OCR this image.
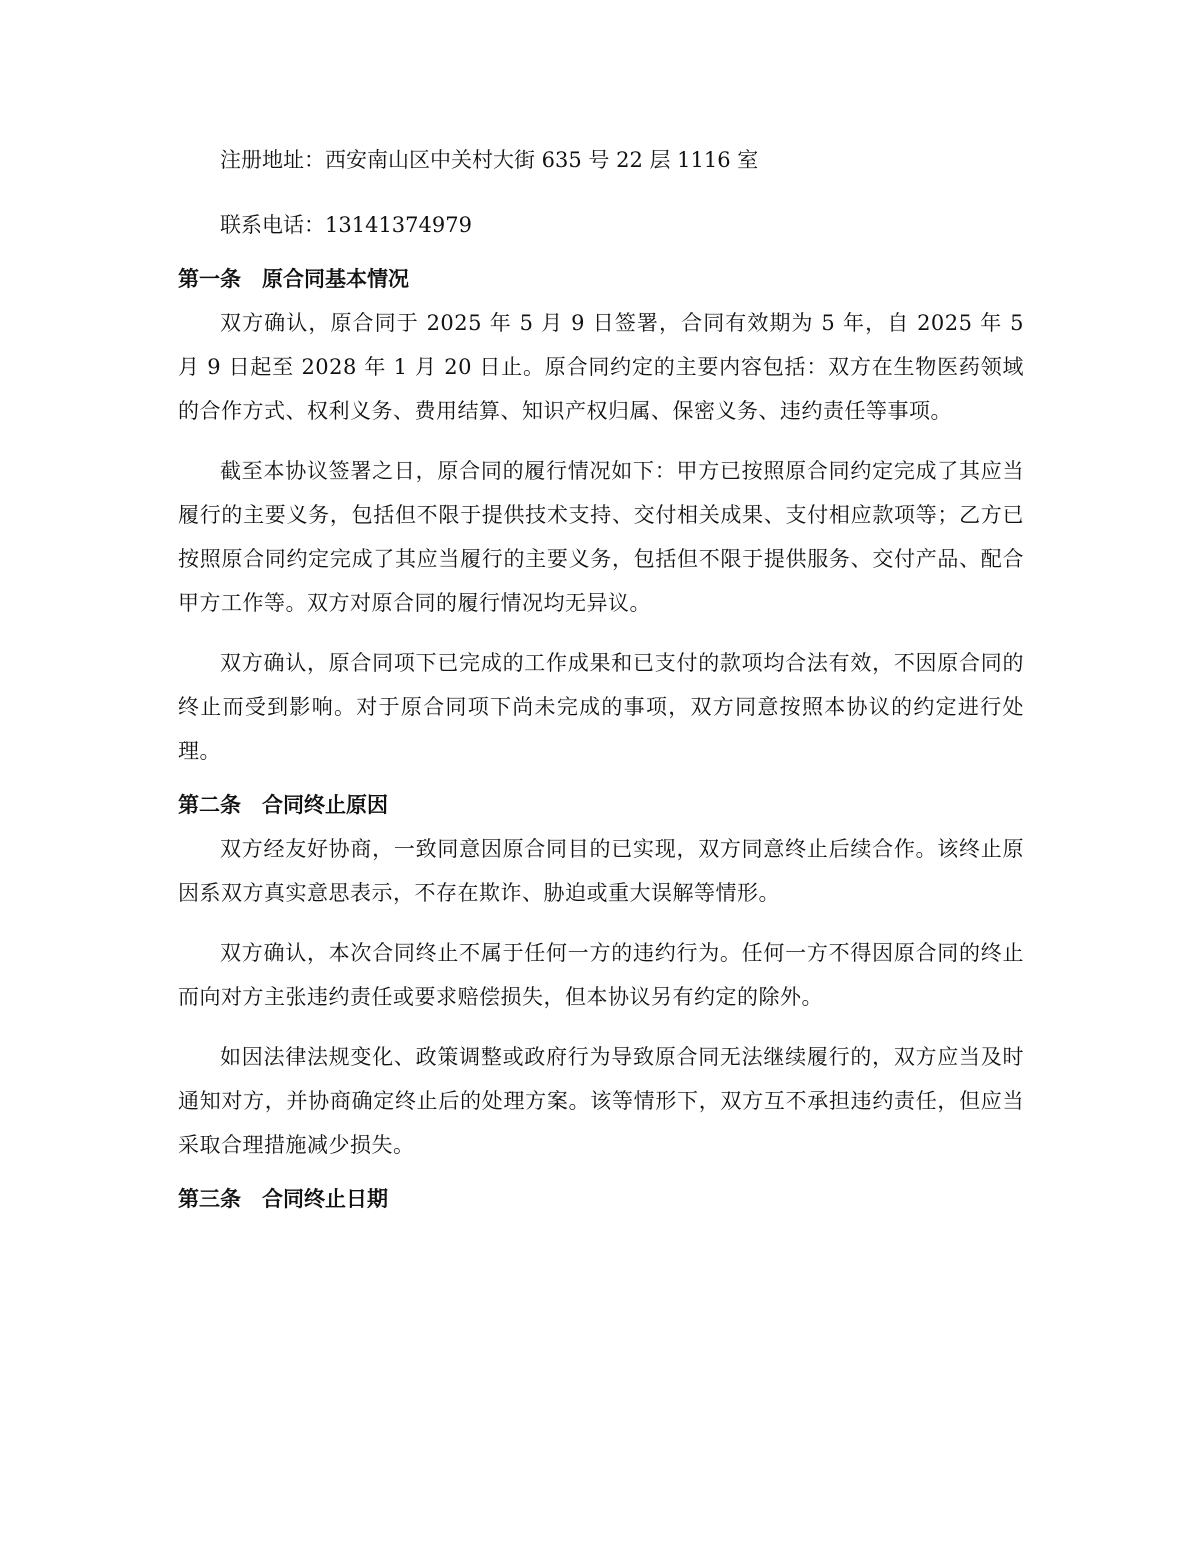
注册地址：西安南山区中关村大街 635 号 22 层 1116 室

联系电话：13141374979

第一条　原合同基本情况

双方确认，原合同于 2025 年 5 月 9 日签署，合同有效期为 5 年，自 2025 年 5 月 9 日起至 2028 年 1 月 20 日止。原合同约定的主要内容包括：双方在生物医药领域的合作方式、权利义务、费用结算、知识产权归属、保密义务、违约责任等事项。

截至本协议签署之日，原合同的履行情况如下：甲方已按照原合同约定完成了其应当履行的主要义务，包括但不限于提供技术支持、交付相关成果、支付相应款项等；乙方已按照原合同约定完成了其应当履行的主要义务，包括但不限于提供服务、交付产品、配合甲方工作等。双方对原合同的履行情况均无异议。

双方确认，原合同项下已完成的工作成果和已支付的款项均合法有效，不因原合同的终止而受到影响。对于原合同项下尚未完成的事项，双方同意按照本协议的约定进行处理。

第二条　合同终止原因

双方经友好协商，一致同意因原合同目的已实现，双方同意终止后续合作。该终止原因系双方真实意思表示，不存在欺诈、胁迫或重大误解等情形。

双方确认，本次合同终止不属于任何一方的违约行为。任何一方不得因原合同的终止而向对方主张违约责任或要求赔偿损失，但本协议另有约定的除外。

如因法律法规变化、政策调整或政府行为导致原合同无法继续履行的，双方应当及时通知对方，并协商确定终止后的处理方案。该等情形下，双方互不承担违约责任，但应当采取合理措施减少损失。

第三条　合同终止日期
